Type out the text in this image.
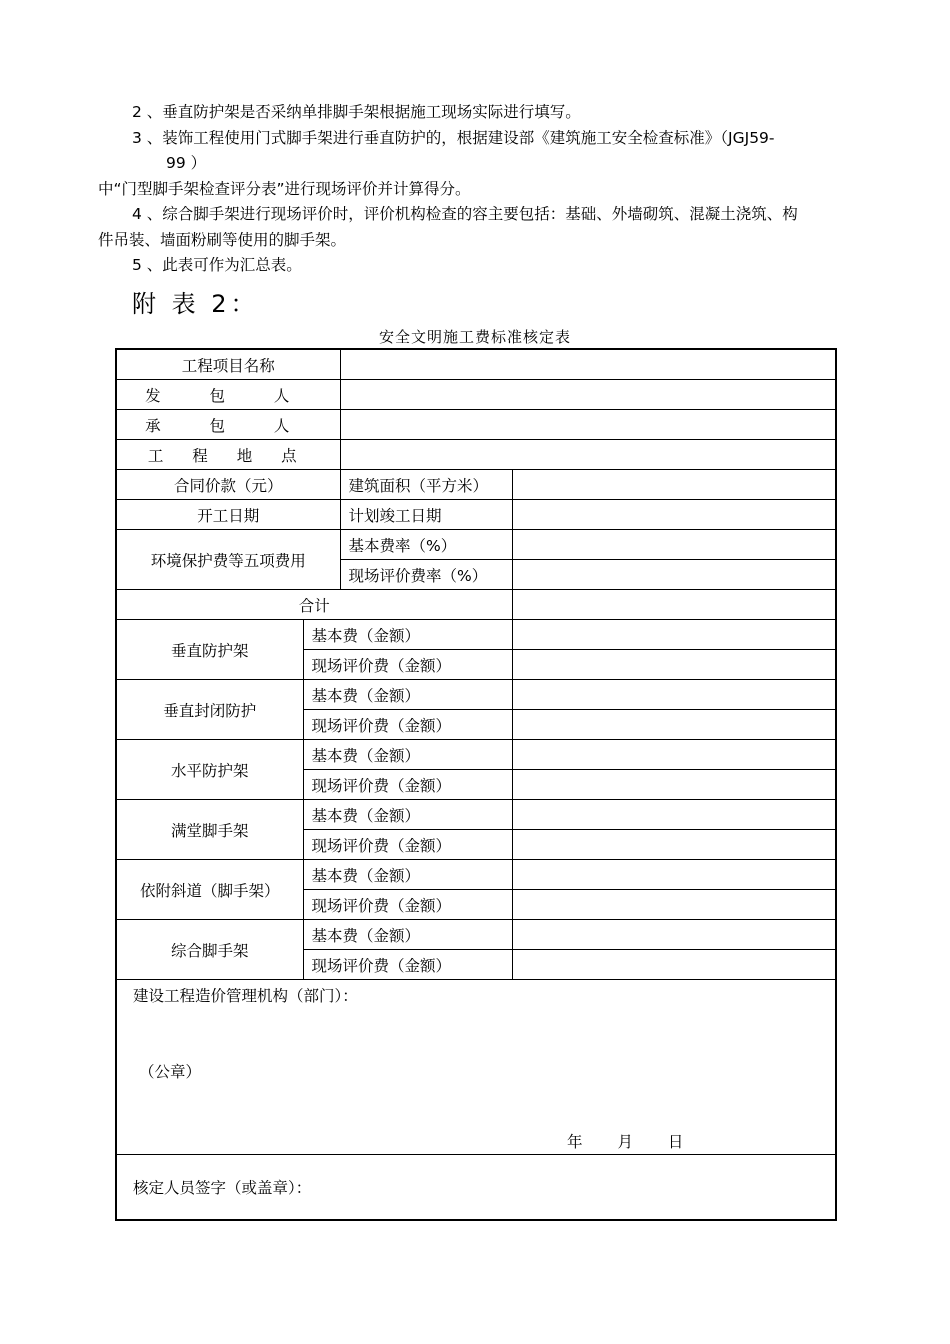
2 、垂直防护架是否采纳单排脚手架根据施工现场实际进行填写。

3 、装饰工程使用门式脚手架进行垂直防护的，根据建设部《建筑施工安全检查标准》（JGJ59-

99 ）

中“门型脚手架检查评分表”进行现场评价并计算得分。

4 、综合脚手架进行现场评价时，评价机构检查的容主要包括：基础、外墙砌筑、混凝土浇筑、构

件吊装、墙面粉刷等使用的脚手架。

5 、此表可作为汇总表。

附 表 2：
安全文明施工费标准核定表
工程项目名称			
发 包 人			
承 包 人			
工 程 地 点			
合同价款（元）		建筑面积（平方米）	
开工日期		计划竣工日期	
环境保护费等五项费用		基本费率（%）	
		现场评价费率（%）	
合计			
垂直防护架	基本费（金额）		
	现场评价费（金额）		
垂直封闭防护	基本费（金额）		
	现场评价费（金额）		
水平防护架	基本费（金额）		
	现场评价费（金额）		
满堂脚手架	基本费（金额）		
	现场评价费（金额）		
依附斜道（脚手架）	基本费（金额）		
	现场评价费（金额）		
综合脚手架	基本费（金额）		
	现场评价费（金额）		
建设工程造价管理机构（部门）：
（公章）
年 月 日			

核定人员签字（或盖章）：			
